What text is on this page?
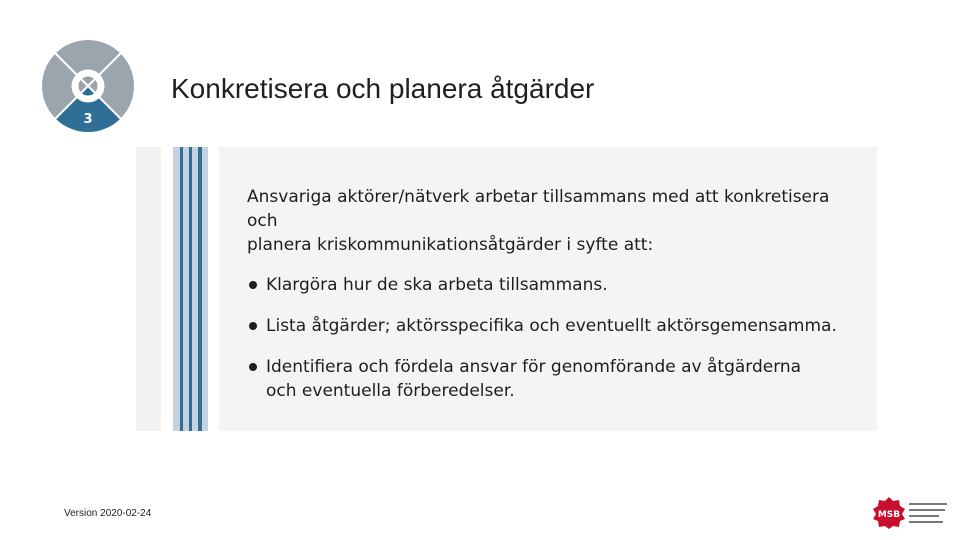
3
Konkretisera och planera åtgärder

Ansvariga aktörer/nätverk arbetar tillsammans med att konkretisera och
planera kriskommunikationsåtgärder i syfte att:

Klargöra hur de ska arbeta tillsammans.
Lista åtgärder; aktörsspecifika och eventuellt aktörsgemensamma.
Identifiera och fördela ansvar för genomförande av åtgärderna
och eventuella förberedelser.
Version 2020-02-24	MSB
